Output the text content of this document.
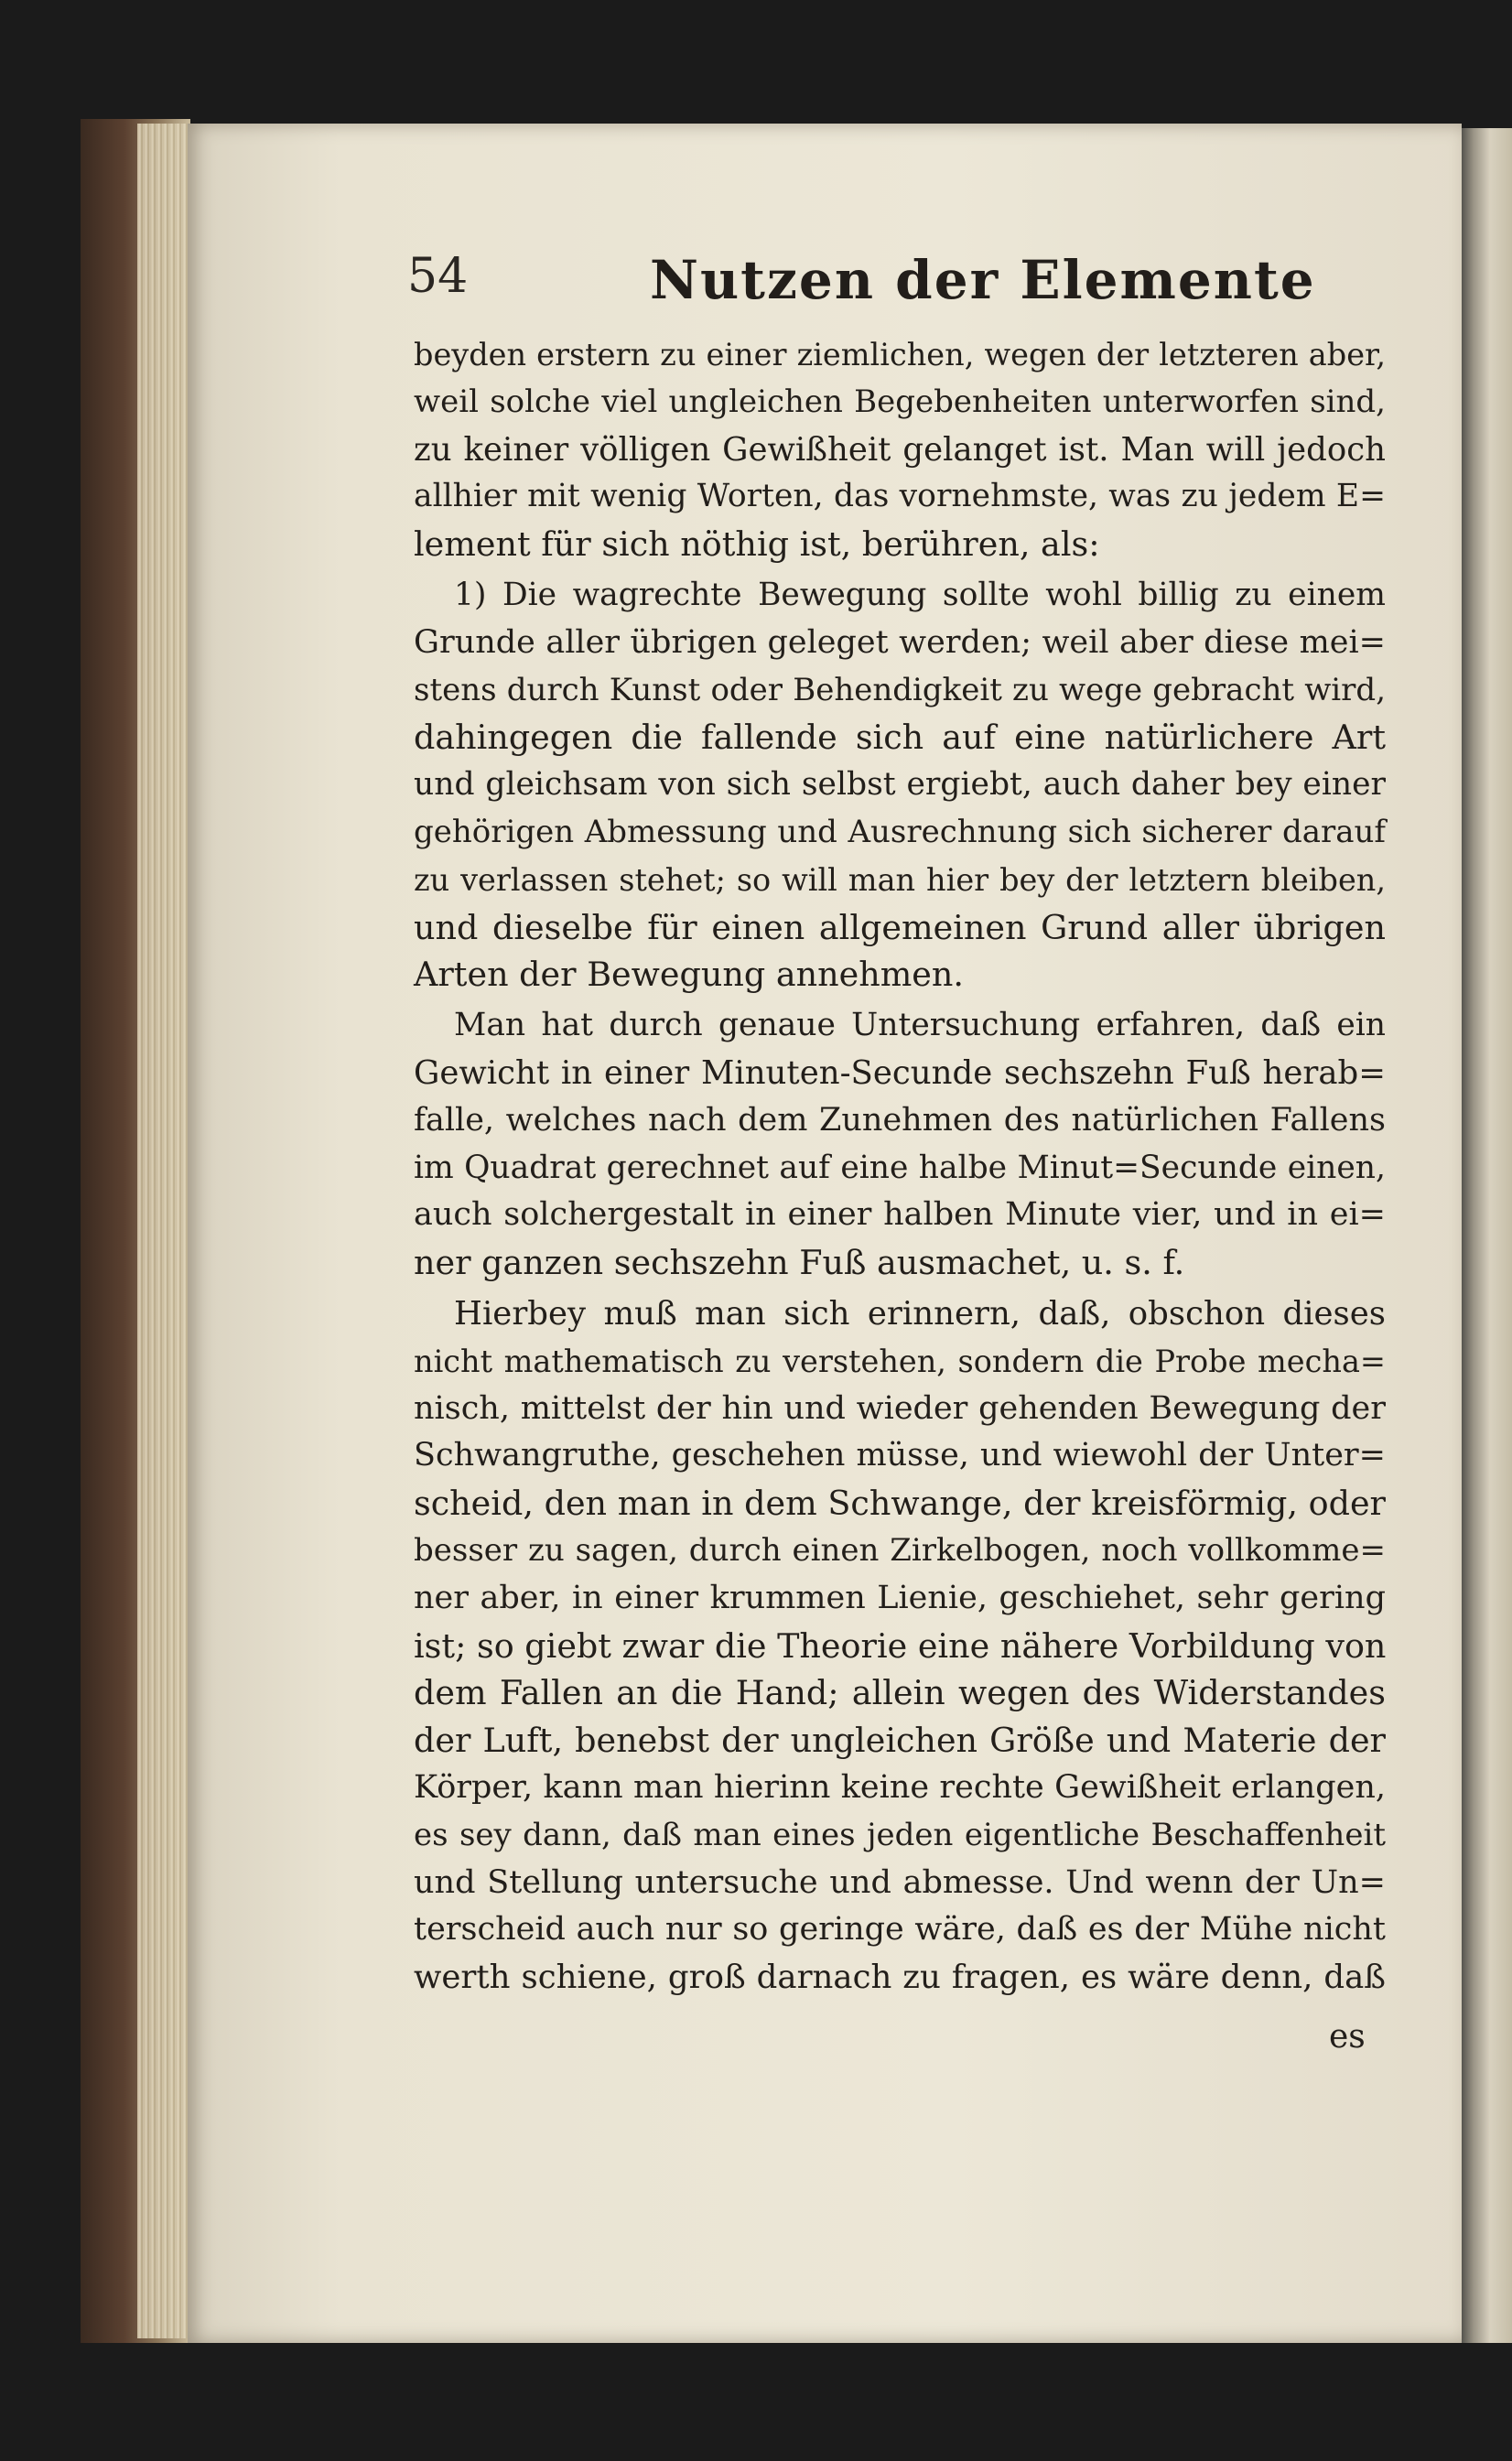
54	Nutzen der Elemente
beyden erstern zu einer ziemlichen, wegen der letzteren aber,
weil solche viel ungleichen Begebenheiten unterworfen sind,
zu keiner völligen Gewißheit gelanget ist. Man will jedoch
allhier mit wenig Worten, das vornehmste, was zu jedem E=
lement für sich nöthig ist, berühren, als:
1) Die wagrechte Bewegung sollte wohl billig zu einem
Grunde aller übrigen geleget werden; weil aber diese mei=
stens durch Kunst oder Behendigkeit zu wege gebracht wird,
dahingegen die fallende sich auf eine natürlichere Art
und gleichsam von sich selbst ergiebt, auch daher bey einer
gehörigen Abmessung und Ausrechnung sich sicherer darauf
zu verlassen stehet; so will man hier bey der letztern bleiben,
und dieselbe für einen allgemeinen Grund aller übrigen
Arten der Bewegung annehmen.
Man hat durch genaue Untersuchung erfahren, daß ein
Gewicht in einer Minuten-Secunde sechszehn Fuß herab=
falle, welches nach dem Zunehmen des natürlichen Fallens
im Quadrat gerechnet auf eine halbe Minut=Secunde einen,
auch solchergestalt in einer halben Minute vier, und in ei=
ner ganzen sechszehn Fuß ausmachet, u. s. f.
Hierbey muß man sich erinnern, daß, obschon dieses
nicht mathematisch zu verstehen, sondern die Probe mecha=
nisch, mittelst der hin und wieder gehenden Bewegung der
Schwangruthe, geschehen müsse, und wiewohl der Unter=
scheid, den man in dem Schwange, der kreisförmig, oder
besser zu sagen, durch einen Zirkelbogen, noch vollkomme=
ner aber, in einer krummen Lienie, geschiehet, sehr gering
ist; so giebt zwar die Theorie eine nähere Vorbildung von
dem Fallen an die Hand; allein wegen des Widerstandes
der Luft, benebst der ungleichen Größe und Materie der
Körper, kann man hierinn keine rechte Gewißheit erlangen,
es sey dann, daß man eines jeden eigentliche Beschaffenheit
und Stellung untersuche und abmesse. Und wenn der Un=
terscheid auch nur so geringe wäre, daß es der Mühe nicht
werth schiene, groß darnach zu fragen, es wäre denn, daß
es
